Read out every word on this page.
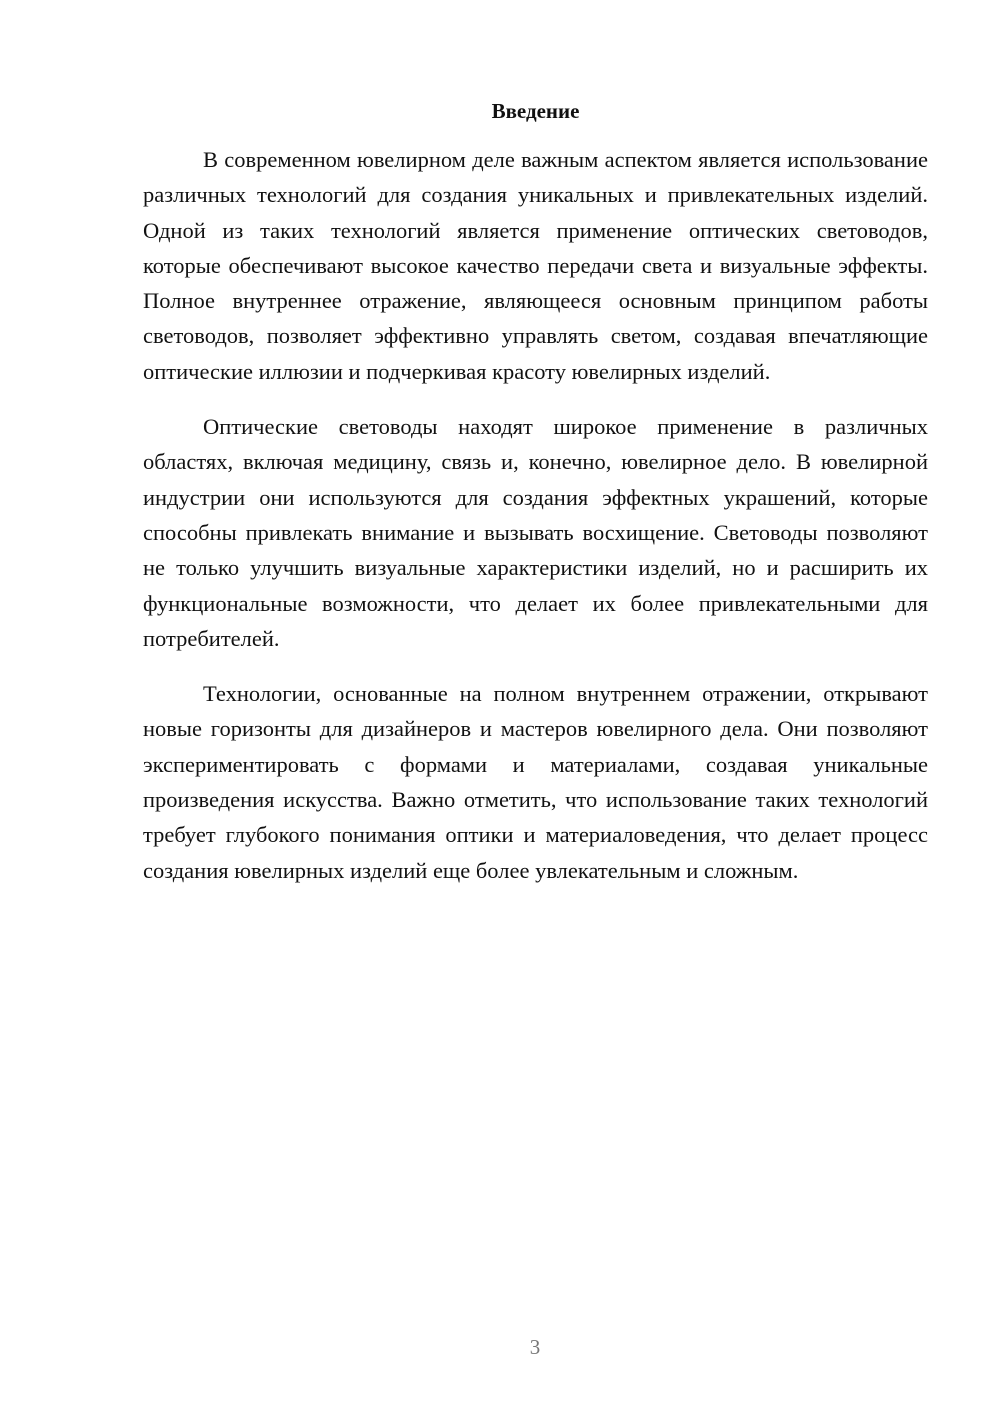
Введение

В современном ювелирном деле важным аспектом является использование различных технологий для создания уникальных и привлекательных изделий. Одной из таких технологий является применение оптических световодов, которые обеспечивают высокое качество передачи света и визуальные эффекты. Полное внутреннее отражение, являющееся основным принципом работы световодов, позволяет эффективно управлять светом, создавая впечатляющие оптические иллюзии и подчеркивая красоту ювелирных изделий.

Оптические световоды находят широкое применение в различных областях, включая медицину, связь и, конечно, ювелирное дело. В ювелирной индустрии они используются для создания эффектных украшений, которые способны привлекать внимание и вызывать восхищение. Световоды позволяют не только улучшить визуальные характеристики изделий, но и расширить их функциональные возможности, что делает их более привлекательными для потребителей.

Технологии, основанные на полном внутреннем отражении, открывают новые горизонты для дизайнеров и мастеров ювелирного дела. Они позволяют экспериментировать с формами и материалами, создавая уникальные произведения искусства. Важно отметить, что использование таких технологий требует глубокого понимания оптики и материаловедения, что делает процесс создания ювелирных изделий еще более увлекательным и сложным.

3
